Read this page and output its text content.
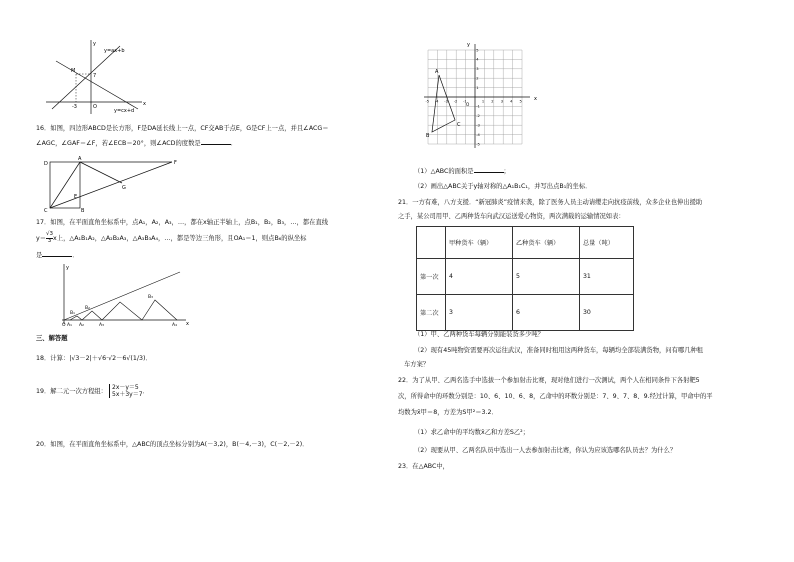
y
x
y=ax+b
y=cx+d
M
7
-3	O
16．如图，四边形ABCD是长方形，F是DA延长线上一点，CF交AB于点E，G是CF上一点，并且∠ACG＝
∠AGC，∠GAF＝∠F，若∠ECB＝20°，则∠ACD的度数是	．
D
A
F
E
G
B
C
17．如图，在平面直角坐标系中，点A₁，A₂，A₃，…，都在x轴正半轴上，点B₁，B₂，B₃，…，都在直线
$y= \frac{√3}{3}$ x上，△A₁B₁A₂，△A₂B₂A₃，△A₃B₃A₄，…，都是等边三角形，且OA₁＝1，则点B₆的纵坐标
是	．
y
x
O A₁ A₂	A₃	A₄
B₁
B₂
B₃
三、解答题
18．计算：|√3－2|＋√6·√2－6√(1/3)．
19．解二元一次方程组：
2x－y＝5
5x＋3y＝7 ．
20．如图，在平面直角坐标系中，△ABC的顶点坐标分别为A(－3,2)，B(－4,－3)，C(－2,－2)．
y
x
A
B
C
O
-5 -4 -3 -2 -1	1 2 3 4 5
5
4
3
2
1
-1
-2
-3
-4
-5
（1）△ABC的面积是	；
（2）画出△ABC关于y轴对称的△A₁B₁C₁，并写出点B₁的坐标．
21．一方有难，八方支援．“新冠肺炎”疫情来袭，除了医务人员主动请缨走向抗疫前线，众多企业也伸出援助
之手，某公司用甲、乙两种货车向武汉运送爱心物资，两次满载的运输情况如表：
	甲种货车（辆）	乙种货车（辆）	总量（吨）
第一次	4	5	31
第二次	3	6	30
（1）甲、乙两种货车每辆分别能装货多少吨？
（2）现有45吨物资需要再次运往武汉，准备同时租用这两种货车，每辆均全部装满货物，问有哪几种租
车方案？
22．为了从甲、乙两名选手中选拔一个参加射击比赛，现对他们进行一次测试，两个人在相同条件下各射靶5
次，所得命中的环数分别是：10、6、10、6、8，乙命中的环数分别是：7、9、7、8、9.经过计算，甲命中的平
均数为x̄甲＝8，方差为S甲²＝3.2．
（1）求乙命中的平均数x̄乙和方差S乙²；
（2）现要从甲、乙两名队员中选出一人去参加射击比赛，你认为应该选哪名队员去？为什么？
23．在△ABC中，
